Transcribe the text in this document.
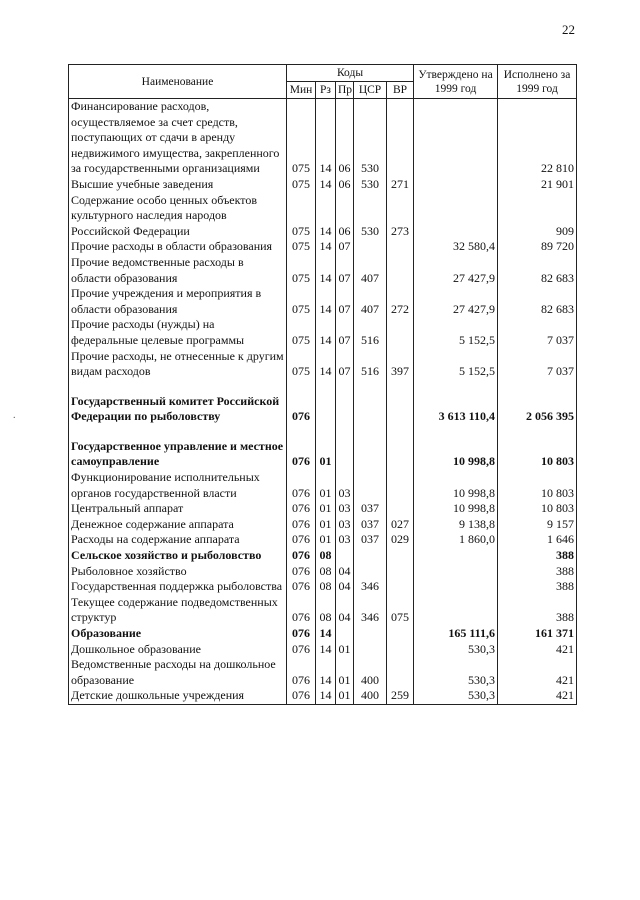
22
.
Наименование	Коды					Утверждено на 1999 год	Исполнено за 1999 год
	Мин	Рз	Пр	ЦСР	ВР		
Финансирование расходов, осуществляемое за счет средств, поступающих от сдачи в аренду недвижимого имущества, закрепленного за государственными организациями	075	14	06	530			22 810
Высшие учебные заведения	075	14	06	530	271		21 901
Содержание особо ценных объектов культурного наследия народов Российской Федерации	075	14	06	530	273		909
Прочие расходы в области образования	075	14	07			32 580,4	89 720
Прочие ведомственные расходы в области образования	075	14	07	407		27 427,9	82 683
Прочие учреждения и мероприятия в области образования	075	14	07	407	272	27 427,9	82 683
Прочие расходы (нужды) на федеральные целевые программы	075	14	07	516		5 152,5	7 037
Прочие расходы, не отнесенные к другим видам расходов	075	14	07	516	397	5 152,5	7 037

Государственный комитет Российской Федерации по рыболовству	076					3 613 110,4	2 056 395

Государственное управление и местное самоуправление	076	01				10 998,8	10 803
Функционирование исполнительных органов государственной власти	076	01	03			10 998,8	10 803
Центральный аппарат	076	01	03	037		10 998,8	10 803
Денежное содержание аппарата	076	01	03	037	027	9 138,8	9 157
Расходы на содержание аппарата	076	01	03	037	029	1 860,0	1 646
Сельское хозяйство и рыболовство	076	08					388
Рыболовное хозяйство	076	08	04				388
Государственная поддержка рыболовства	076	08	04	346			388
Текущее содержание подведомственных структур	076	08	04	346	075		388
Образование	076	14				165 111,6	161 371
Дошкольное образование	076	14	01			530,3	421
Ведомственные расходы на дошкольное образование	076	14	01	400		530,3	421
Детские дошкольные учреждения	076	14	01	400	259	530,3	421
